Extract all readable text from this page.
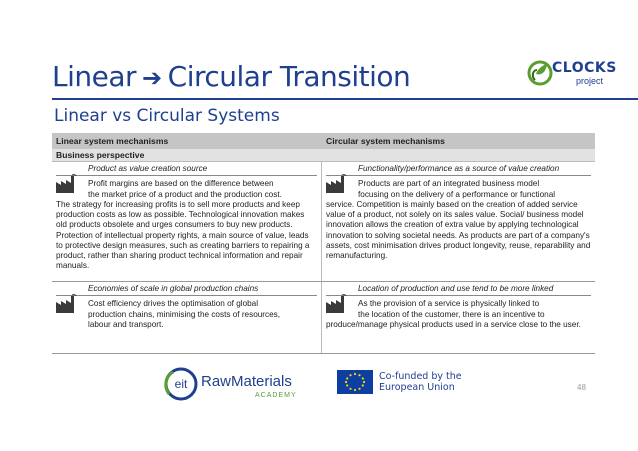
Linear ➔ Circular Transition
Linear vs Circular Systems
CLOCKS
project
Linear system mechanisms	Circular system mechanisms
Business perspective
Product as value creation source
Profit margins are based on the difference between
the market price of a product and the production cost.
The strategy for increasing profits is to sell more products and keep production costs as low as possible. Technological innovation makes old products obsolete and urges consumers to buy new products. Protection of intellectual property rights, a main source of value, leads to protective design measures, such as creating barriers to repairing a product, rather than sharing product technical information and repair manuals.
Functionality/performance as a source of value creation
Products are part of an integrated business model
focusing on the delivery of a performance or functional
service. Competition is mainly based on the creation of added service value of a product, not solely on its sales value. Social/ business model innovation allows the creation of extra value by applying technological innovation to solving societal needs. As products are part of a company's assets, cost minimisation drives product longevity, reuse, reparability and remanufacturing.
Economies of scale in global production chains
Cost efficiency drives the optimisation of global
production chains, minimising the costs of resources,
labour and transport.
Location of production and use tend to be more linked
As the provision of a service is physically linked to
the location of the customer, there is an incentive to
produce/manage physical products used in a service close to the user.
eit RawMaterials
ACADEMY
Co-funded by the
European Union	48
